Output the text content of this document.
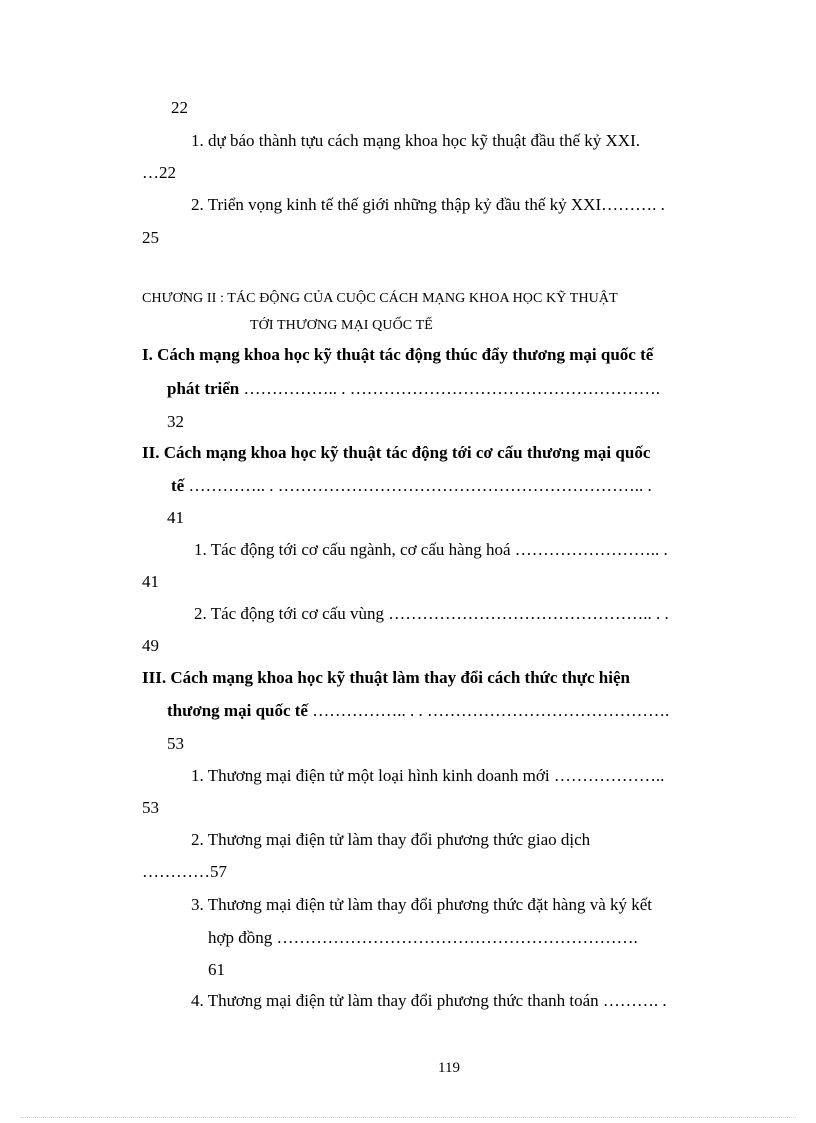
22
1. dự báo thành tựu cách mạng khoa học kỹ thuật đầu thế kỷ XXI.
…22
2. Triển vọng kinh tế thế giới những thập kỷ đầu thế kỷ XXI………. .
25
CHƯƠNG II : TÁC ĐỘNG CỦA CUỘC CÁCH MẠNG KHOA HỌC KỸ THUẬT
TỚI THƯƠNG MẠI QUỐC TẾ
I. Cách mạng khoa học kỹ thuật tác động thúc đẩy thương mại quốc tế
phát triển …………….. . ……………………………………………….
32
II. Cách mạng khoa học kỹ thuật tác động tới cơ cấu thương mại quốc
tế ………….. . ……………………………………………………….. .
41
1. Tác động tới cơ cấu ngành, cơ cấu hàng hoá …………………….. .
41
2. Tác động tới cơ cấu vùng ……………………………………….. . .
49
III. Cách mạng khoa học kỹ thuật làm thay đổi cách thức thực hiện
thương mại quốc tế …………….. . . …………………………………….
53
1. Thương mại điện tử một loại hình kinh doanh mới ………………..
53
2. Thương mại điện tử làm thay đổi phương thức giao dịch
…………57
3. Thương mại điện tử làm thay đổi phương thức đặt hàng và ký kết
hợp đồng ……………………………………………………….
61
4. Thương mại điện tử làm thay đổi phương thức thanh toán ………. .
119
